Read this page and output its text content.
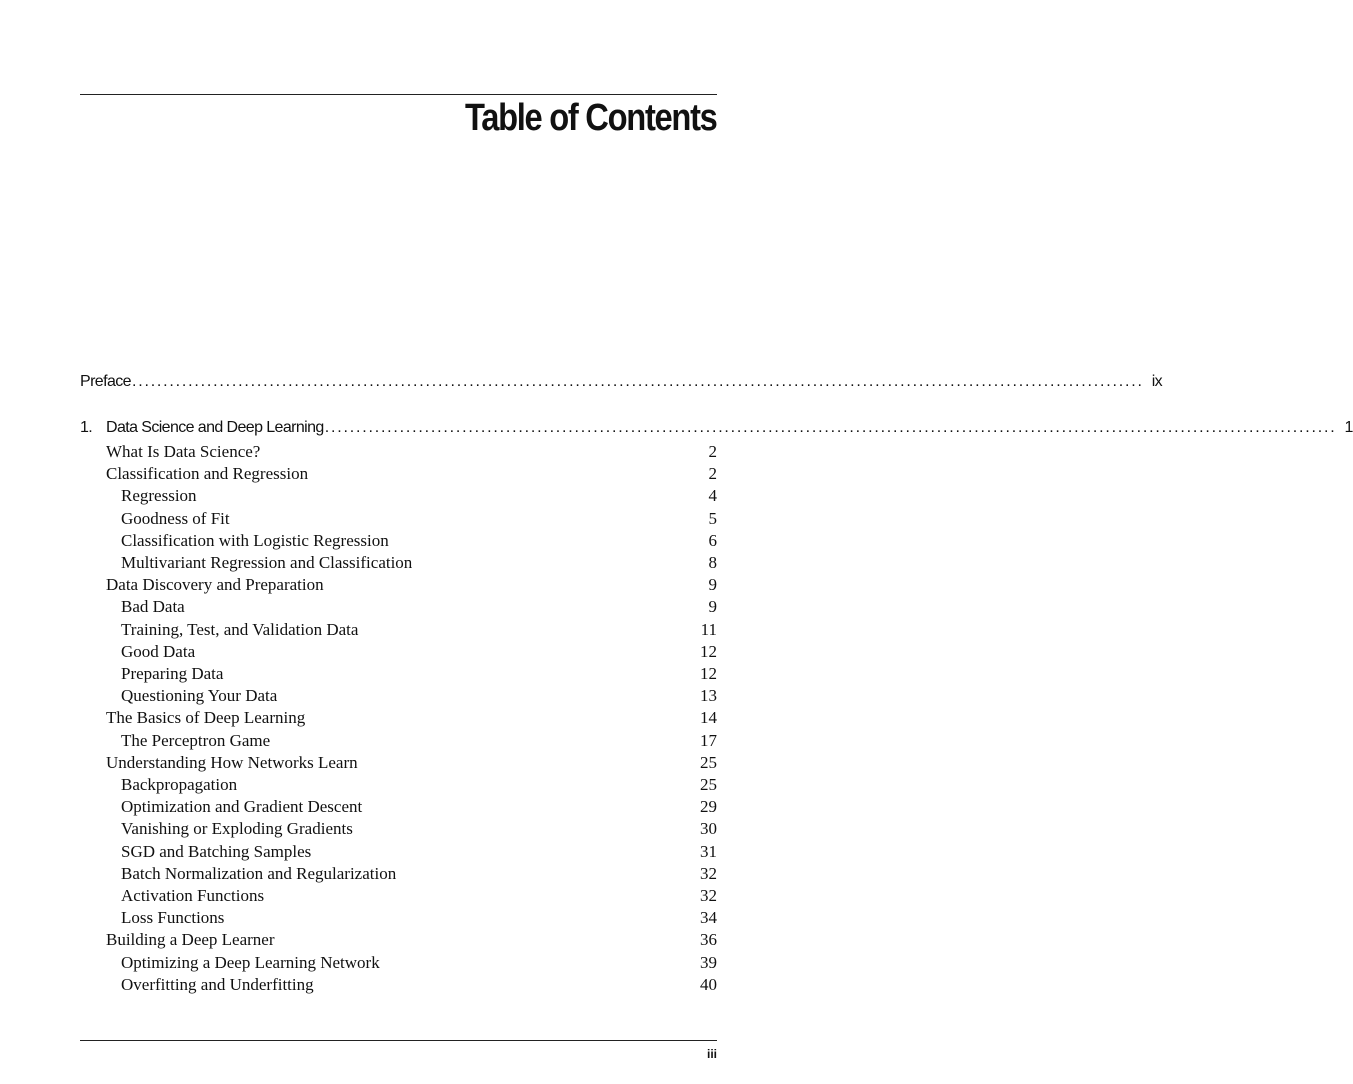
Table of Contents
Preface .................................................................................................................................................................. ix
1. Data Science and Deep Learning .................................................................................................................................................................. 1
What Is Data Science?	2
Classification and Regression	2
Regression	4
Goodness of Fit	5
Classification with Logistic Regression	6
Multivariant Regression and Classification	8
Data Discovery and Preparation	9
Bad Data	9
Training, Test, and Validation Data	11
Good Data	12
Preparing Data	12
Questioning Your Data	13
The Basics of Deep Learning	14
The Perceptron Game	17
Understanding How Networks Learn	25
Backpropagation	25
Optimization and Gradient Descent	29
Vanishing or Exploding Gradients	30
SGD and Batching Samples	31
Batch Normalization and Regularization	32
Activation Functions	32
Loss Functions	34
Building a Deep Learner	36
Optimizing a Deep Learning Network	39
Overfitting and Underfitting	40
iii
